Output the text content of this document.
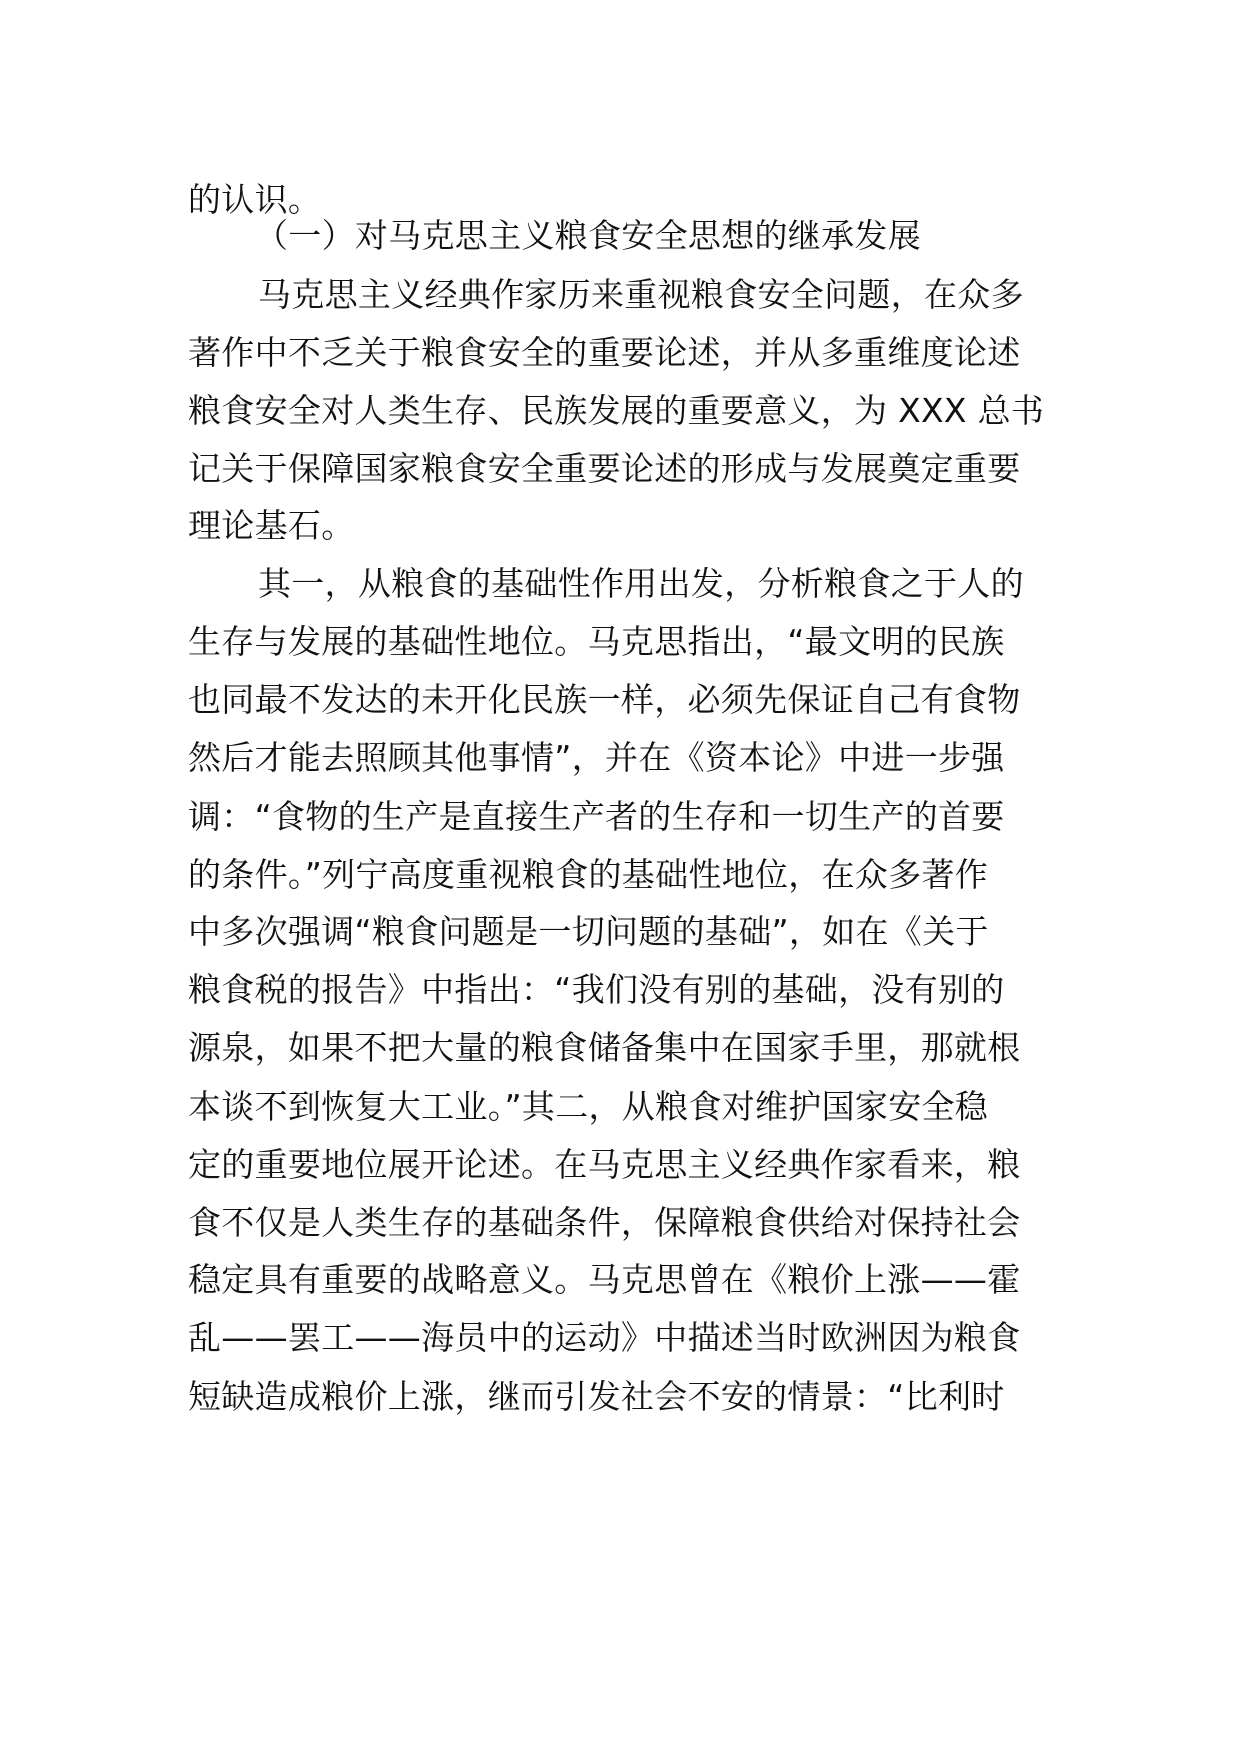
的认识。
（一）对马克思主义粮食安全思想的继承发展
马克思主义经典作家历来重视粮食安全问题，在众多
著作中不乏关于粮食安全的重要论述，并从多重维度论述
粮食安全对人类生存、民族发展的重要意义，为 XXX 总书
记关于保障国家粮食安全重要论述的形成与发展奠定重要
理论基石。
其一，从粮食的基础性作用出发，分析粮食之于人的
生存与发展的基础性地位。马克思指出，“最文明的民族
也同最不发达的未开化民族一样，必须先保证自己有食物
然后才能去照顾其他事情”，并在《资本论》中进一步强
调：“食物的生产是直接生产者的生存和一切生产的首要
的条件。”列宁高度重视粮食的基础性地位，在众多著作
中多次强调“粮食问题是一切问题的基础”，如在《关于
粮食税的报告》中指出：“我们没有别的基础，没有别的
源泉，如果不把大量的粮食储备集中在国家手里，那就根
本谈不到恢复大工业。”其二，从粮食对维护国家安全稳
定的重要地位展开论述。在马克思主义经典作家看来，粮
食不仅是人类生存的基础条件，保障粮食供给对保持社会
稳定具有重要的战略意义。马克思曾在《粮价上涨——霍
乱——罢工——海员中的运动》中描述当时欧洲因为粮食
短缺造成粮价上涨，继而引发社会不安的情景：“比利时
